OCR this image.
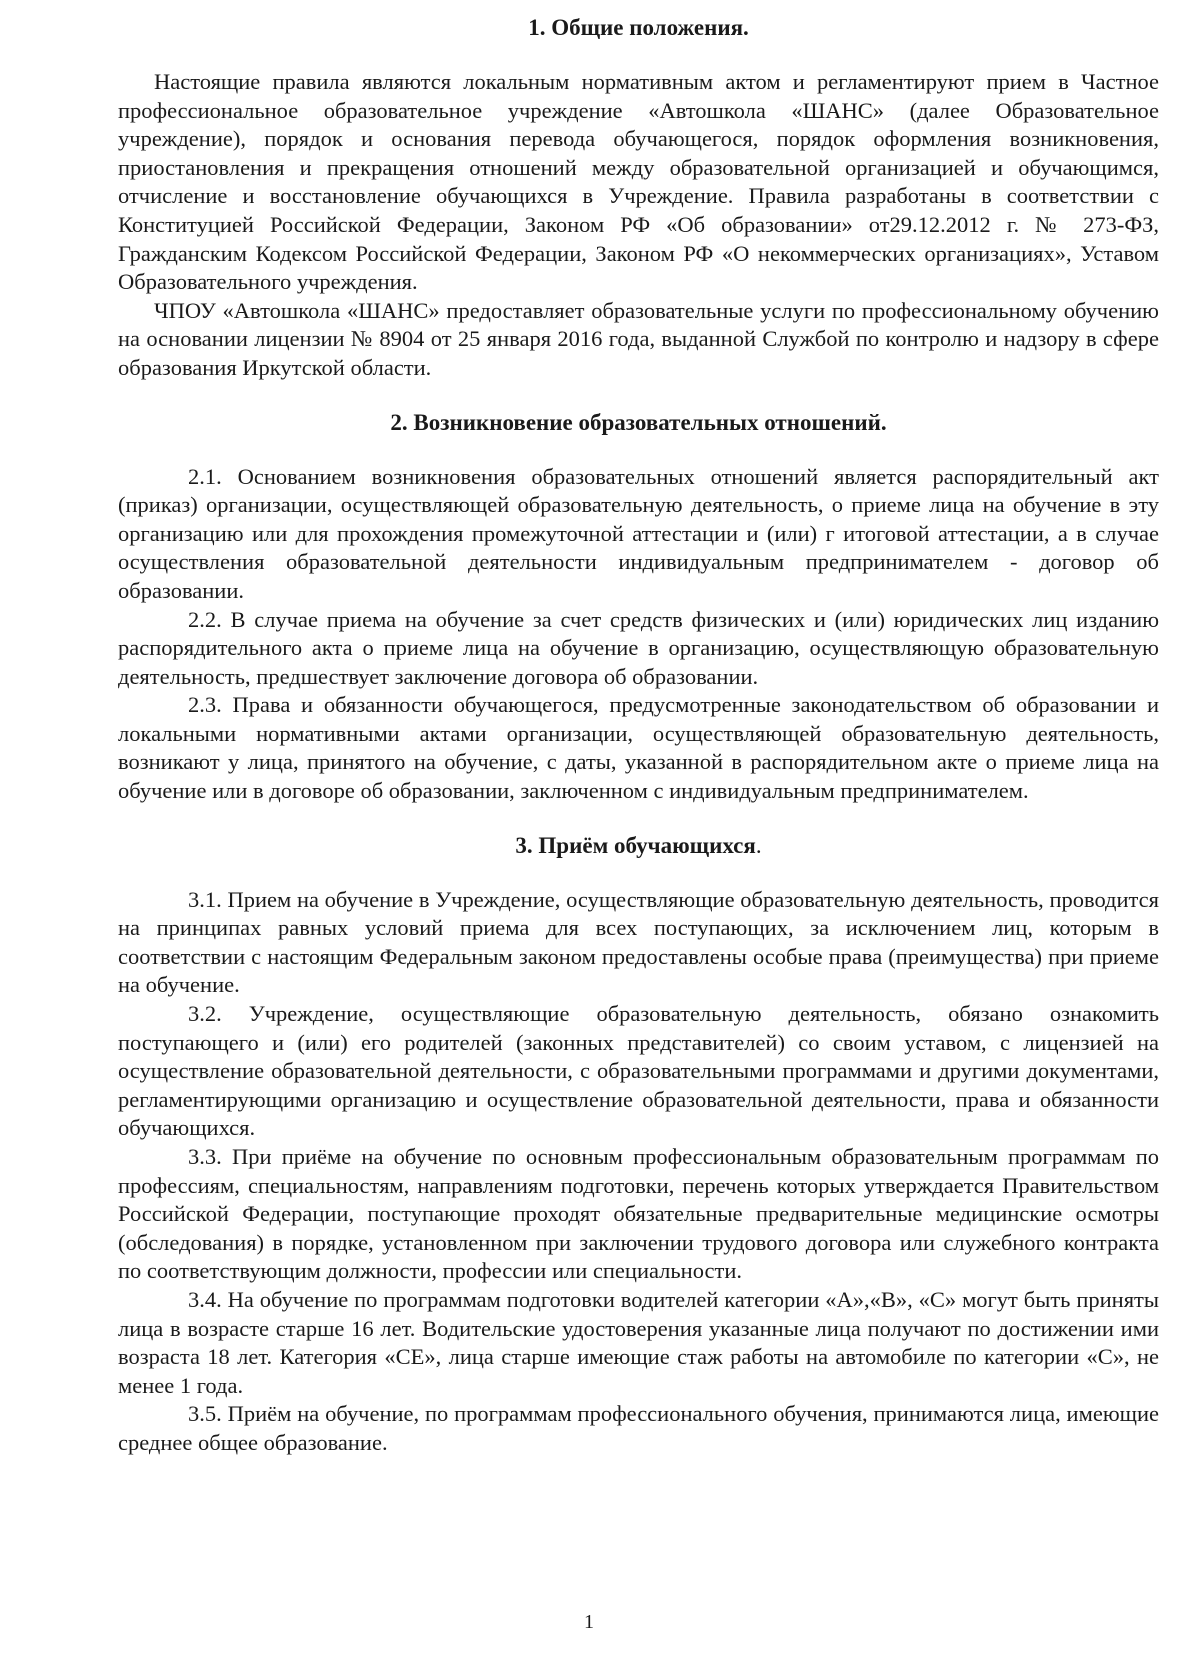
1. Общие положения.

Настоящие правила являются локальным нормативным актом и регламентируют прием в Частное профессиональное образовательное учреждение «Автошкола «ШАНС» (далее Образовательное учреждение), порядок и основания перевода обучающегося, порядок оформления возникновения, приостановления и прекращения отношений между образовательной организацией и обучающимся, отчисление и восстановление обучающихся в Учреждение. Правила разработаны в соответствии с Конституцией Российской Федерации, Законом РФ «Об образовании» от29.12.2012 г. № 273-ФЗ, Гражданским Кодексом Российской Федерации, Законом РФ «О некоммерческих организациях», Уставом Образовательного учреждения.

ЧПОУ «Автошкола «ШАНС» предоставляет образовательные услуги по профессиональному обучению на основании лицензии № 8904 от 25 января 2016 года, выданной Службой по контролю и надзору в сфере образования Иркутской области.

2. Возникновение образовательных отношений.

2.1. Основанием возникновения образовательных отношений является распорядительный акт (приказ) организации, осуществляющей образовательную деятельность, о приеме лица на обучение в эту организацию или для прохождения промежуточной аттестации и (или) г итоговой аттестации, а в случае осуществления образовательной деятельности индивидуальным предпринимателем - договор об образовании.

2.2. В случае приема на обучение за счет средств физических и (или) юридических лиц изданию распорядительного акта о приеме лица на обучение в организацию, осуществляющую образовательную деятельность, предшествует заключение договора об образовании.

2.3. Права и обязанности обучающегося, предусмотренные законодательством об образовании и локальными нормативными актами организации, осуществляющей образовательную деятельность, возникают у лица, принятого на обучение, с даты, указанной в распорядительном акте о приеме лица на обучение или в договоре об образовании, заключенном с индивидуальным предпринимателем.

3. Приём обучающихся.

3.1. Прием на обучение в Учреждение, осуществляющие образовательную деятельность, проводится на принципах равных условий приема для всех поступающих, за исключением лиц, которым в соответствии с настоящим Федеральным законом предоставлены особые права (преимущества) при приеме на обучение.

3.2. Учреждение, осуществляющие образовательную деятельность, обязано ознакомить поступающего и (или) его родителей (законных представителей) со своим уставом, с лицензией на осуществление образовательной деятельности, с образовательными программами и другими документами, регламентирующими организацию и осуществление образовательной деятельности, права и обязанности обучающихся.

3.3. При приёме на обучение по основным профессиональным образовательным программам по профессиям, специальностям, направлениям подготовки, перечень которых утверждается Правительством Российской Федерации, поступающие проходят обязательные предварительные медицинские осмотры (обследования) в порядке, установленном при заключении трудового договора или служебного контракта по соответствующим должности, профессии или специальности.

3.4. На обучение по программам подготовки водителей категории «А»,«В», «С» могут быть приняты лица в возрасте старше 16 лет. Водительские удостоверения указанные лица получают по достижении ими возраста 18 лет. Категория «СЕ», лица старше имеющие стаж работы на автомобиле по категории «С», не менее 1 года.

3.5. Приём на обучение, по программам профессионального обучения, принимаются лица, имеющие среднее общее образование.

1
